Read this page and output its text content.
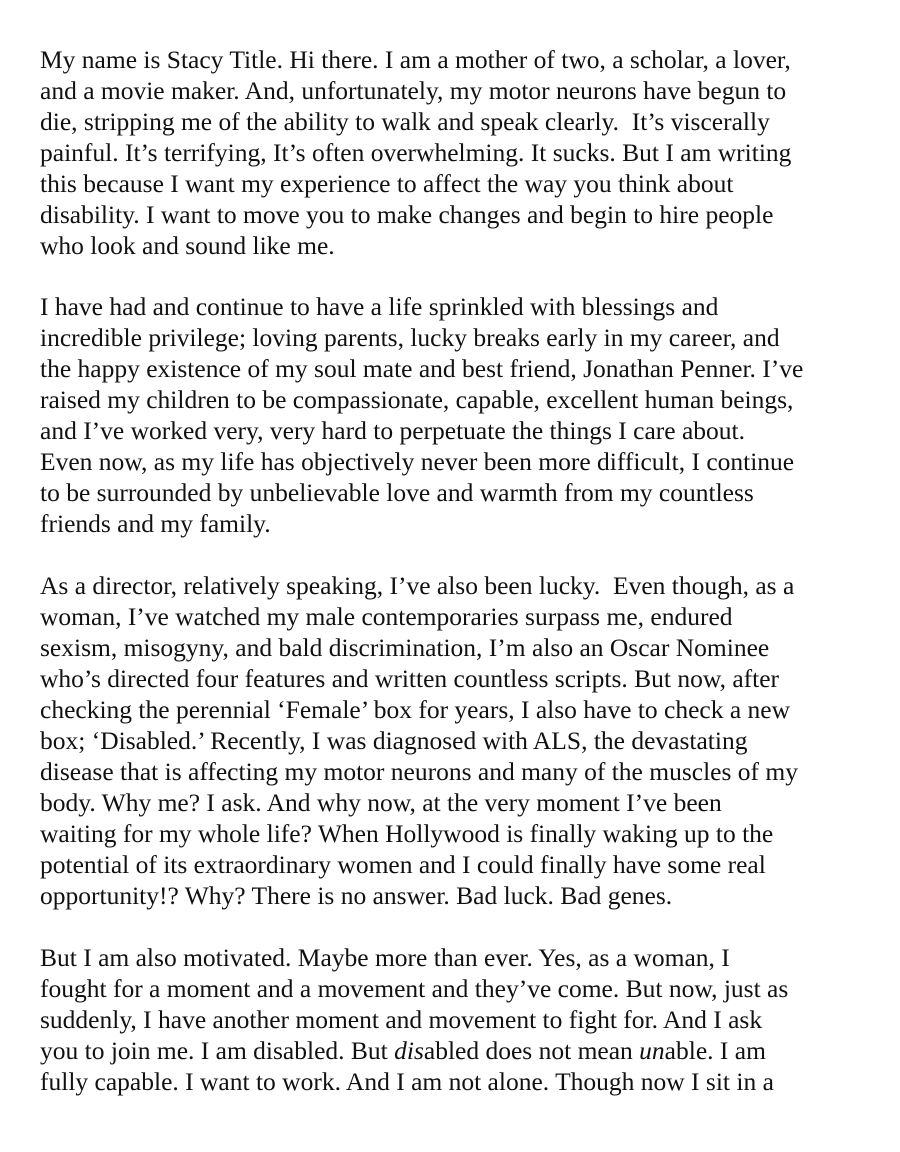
My name is Stacy Title. Hi there. I am a mother of two, a scholar, a lover,
and a movie maker. And, unfortunately, my motor neurons have begun to
die, stripping me of the ability to walk and speak clearly.  It’s viscerally
painful. It’s terrifying, It’s often overwhelming. It sucks. But I am writing
this because I want my experience to affect the way you think about
disability. I want to move you to make changes and begin to hire people
who look and sound like me.
I have had and continue to have a life sprinkled with blessings and
incredible privilege; loving parents, lucky breaks early in my career, and
the happy existence of my soul mate and best friend, Jonathan Penner. I’ve
raised my children to be compassionate, capable, excellent human beings,
and I’ve worked very, very hard to perpetuate the things I care about.
Even now, as my life has objectively never been more difficult, I continue
to be surrounded by unbelievable love and warmth from my countless
friends and my family.
As a director, relatively speaking, I’ve also been lucky.  Even though, as a
woman, I’ve watched my male contemporaries surpass me, endured
sexism, misogyny, and bald discrimination, I’m also an Oscar Nominee
who’s directed four features and written countless scripts. But now, after
checking the perennial ‘Female’ box for years, I also have to check a new
box; ‘Disabled.’ Recently, I was diagnosed with ALS, the devastating
disease that is affecting my motor neurons and many of the muscles of my
body. Why me? I ask. And why now, at the very moment I’ve been
waiting for my whole life? When Hollywood is finally waking up to the
potential of its extraordinary women and I could finally have some real
opportunity!? Why? There is no answer. Bad luck. Bad genes.
But I am also motivated. Maybe more than ever. Yes, as a woman, I
fought for a moment and a movement and they’ve come. But now, just as
suddenly, I have another moment and movement to fight for. And I ask
you to join me. I am disabled. But disabled does not mean unable. I am
fully capable. I want to work. And I am not alone. Though now I sit in a
